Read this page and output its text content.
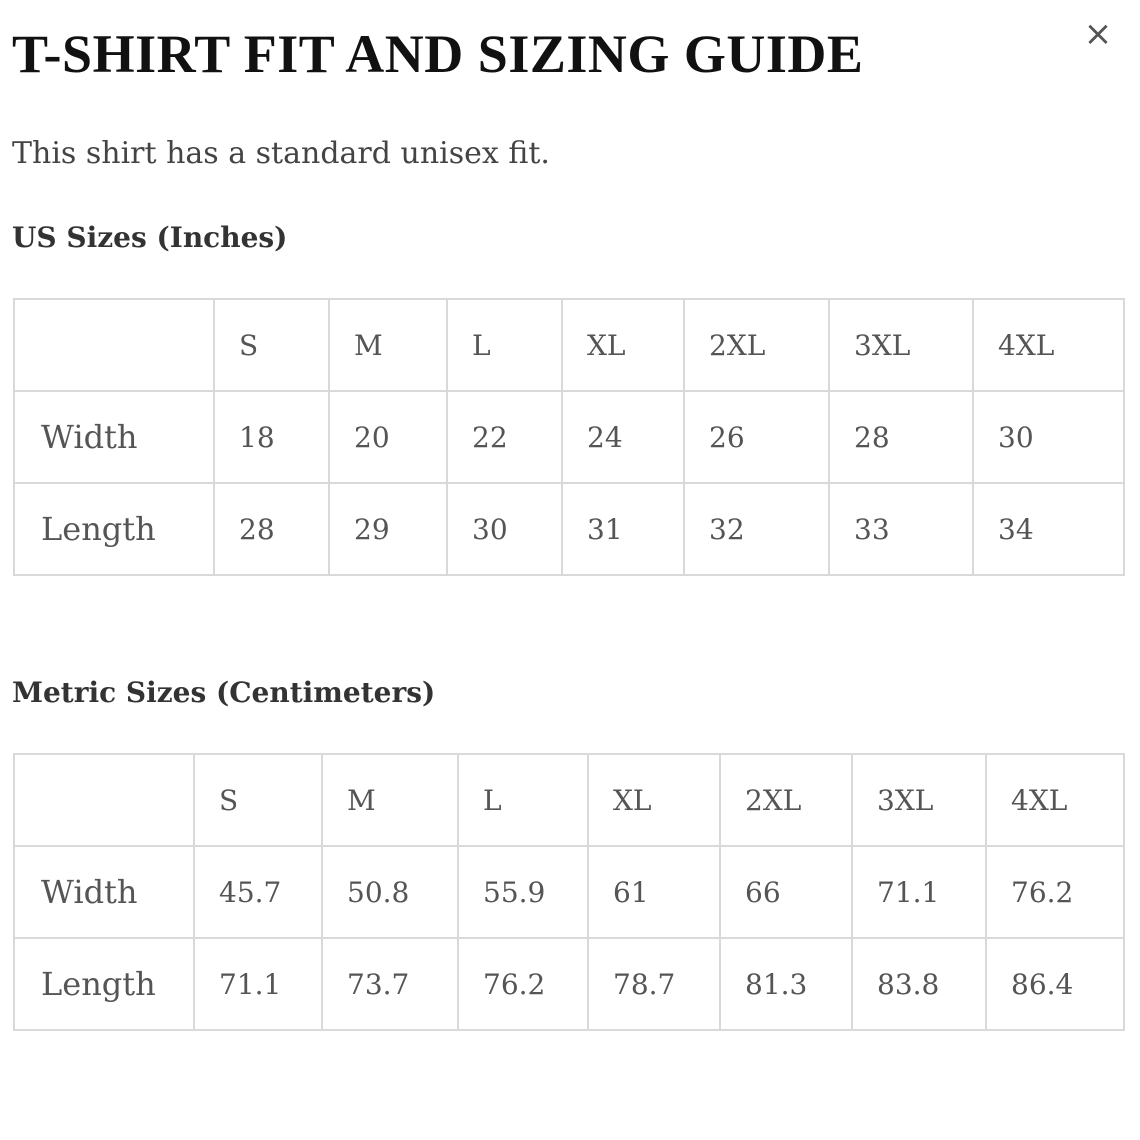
T-SHIRT FIT AND SIZING GUIDE	×

This shirt has a standard unisex fit.

US Sizes (Inches)
	S	M	L	XL	2XL	3XL	4XL
Width	18	20	22	24	26	28	30
Length	28	29	30	31	32	33	34
Metric Sizes (Centimeters)
	S	M	L	XL	2XL	3XL	4XL
Width	45.7	50.8	55.9	61	66	71.1	76.2
Length	71.1	73.7	76.2	78.7	81.3	83.8	86.4
